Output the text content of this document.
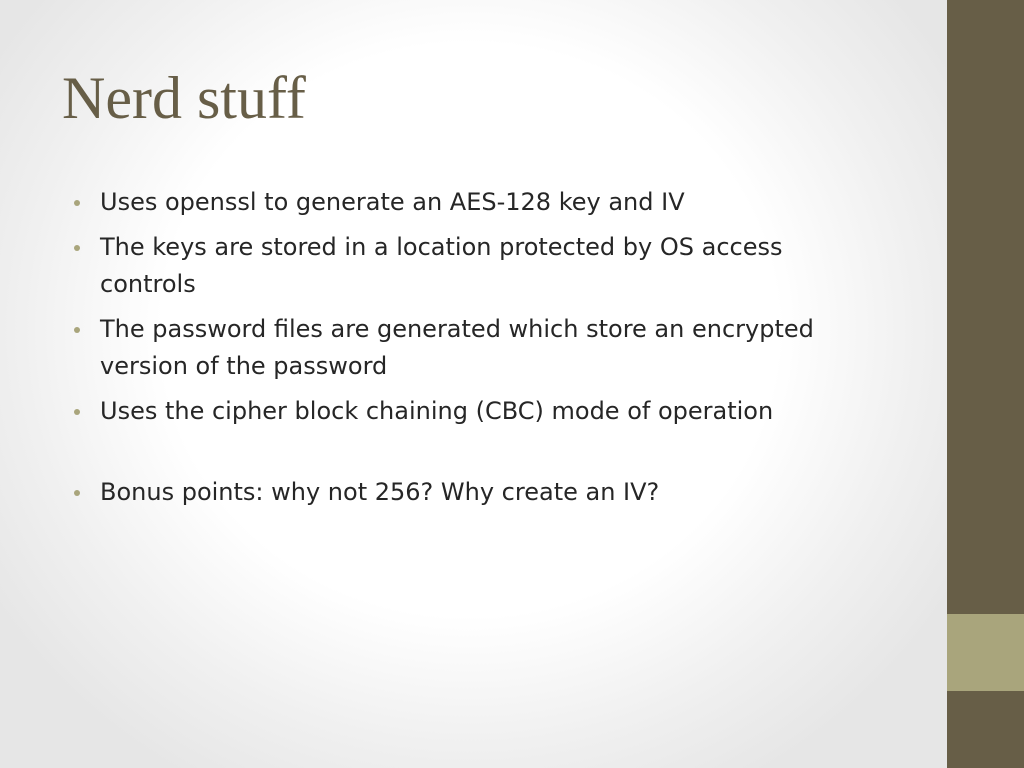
Nerd stuff
Uses openssl to generate an AES-128 key and IV
The keys are stored in a location protected by OS access controls
The password files are generated which store an encrypted version of the password
Uses the cipher block chaining (CBC) mode of operation
Bonus points: why not 256? Why create an IV?
